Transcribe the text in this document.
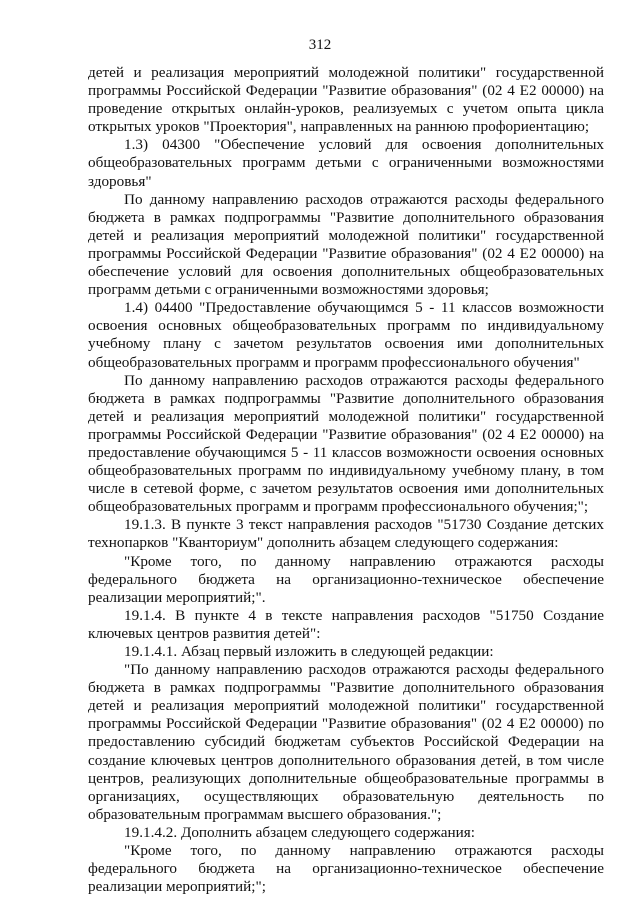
312

детей и реализация мероприятий молодежной политики" государственной программы Российской Федерации "Развитие образования" (02 4 Е2 00000) на проведение открытых онлайн-уроков, реализуемых с учетом опыта цикла открытых уроков "Проектория", направленных на раннюю профориентацию;

1.3) 04300 "Обеспечение условий для освоения дополнительных общеобразовательных программ детьми с ограниченными возможностями здоровья"

По данному направлению расходов отражаются расходы федерального бюджета в рамках подпрограммы "Развитие дополнительного образования детей и реализация мероприятий молодежной политики" государственной программы Российской Федерации "Развитие образования" (02 4 Е2 00000) на обеспечение условий для освоения дополнительных общеобразовательных программ детьми с ограниченными возможностями здоровья;

1.4) 04400 "Предоставление обучающимся 5 - 11 классов возможности освоения основных общеобразовательных программ по индивидуальному учебному плану с зачетом результатов освоения ими дополнительных общеобразовательных программ и программ профессионального обучения"

По данному направлению расходов отражаются расходы федерального бюджета в рамках подпрограммы "Развитие дополнительного образования детей и реализация мероприятий молодежной политики" государственной программы Российской Федерации "Развитие образования" (02 4 Е2 00000) на предоставление обучающимся 5 - 11 классов возможности освоения основных общеобразовательных программ по индивидуальному учебному плану, в том числе в сетевой форме, с зачетом результатов освоения ими дополнительных общеобразовательных программ и программ профессионального обучения;";

19.1.3. В пункте 3 текст направления расходов "51730 Создание детских технопарков "Кванториум" дополнить абзацем следующего содержания:

"Кроме того, по данному направлению отражаются расходы федерального бюджета на организационно-техническое обеспечение реализации мероприятий;".

19.1.4. В пункте 4 в тексте направления расходов "51750 Создание ключевых центров развития детей":

19.1.4.1. Абзац первый изложить в следующей редакции:

"По данному направлению расходов отражаются расходы федерального бюджета в рамках подпрограммы "Развитие дополнительного образования детей и реализация мероприятий молодежной политики" государственной программы Российской Федерации "Развитие образования" (02 4 Е2 00000) по предоставлению субсидий бюджетам субъектов Российской Федерации на создание ключевых центров дополнительного образования детей, в том числе центров, реализующих дополнительные общеобразовательные программы в организациях, осуществляющих образовательную деятельность по образовательным программам высшего образования.";

19.1.4.2. Дополнить абзацем следующего содержания:

"Кроме того, по данному направлению отражаются расходы федерального бюджета на организационно-техническое обеспечение реализации мероприятий;";
